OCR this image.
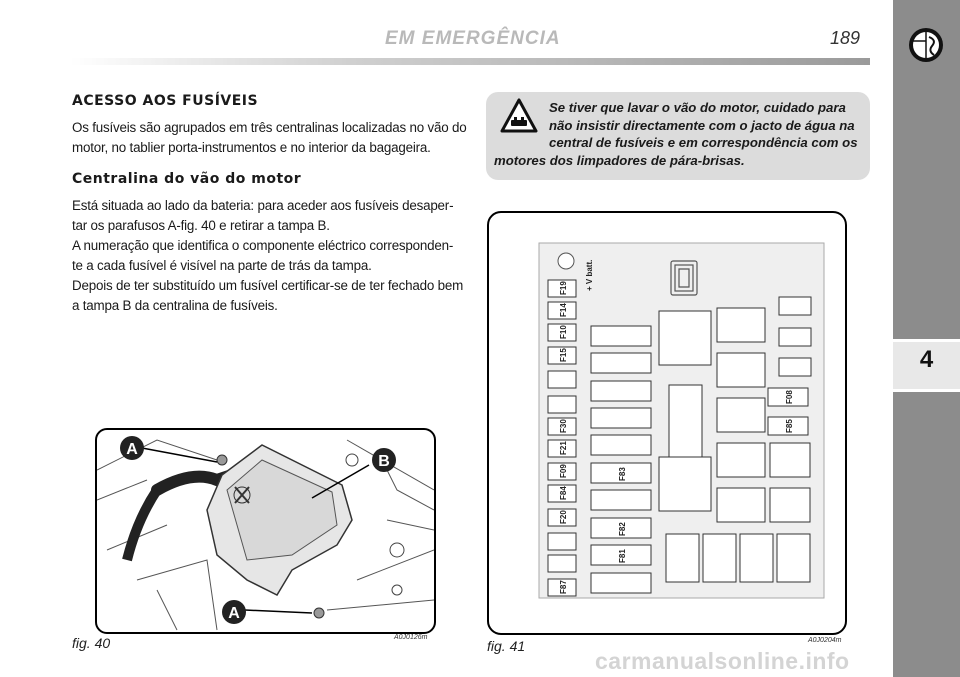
EM EMERGÊNCIA	189
4
ACESSO AOS FUSÍVEIS
Os fusíveis são agrupados em três centralinas localizadas no vão do motor, no tablier porta-instrumentos e no interior da bagageira.
Centralina do vão do motor
Está situada ao lado da bateria: para aceder aos fusíveis desaper-
tar os parafusos A-fig. 40 e retirar a tampa B.
A numeração que identifica o componente eléctrico corresponden-
te a cada fusível é visível na parte de trás da tampa.
Depois de ter substituído um fusível certificar-se de ter fechado bem
a tampa B da centralina de fusíveis.
Se tiver que lavar o vão do motor, cuidado para não insistir directamente com o jacto de água na central de fusíveis e em correspondência com os motores dos limpadores de pára-brisas.
A
B
A
fig. 40	A0J0126m
+ V batt.
F19
F14
F10
F15
F30
F21
F09
F84
F20
F87
F83
F82
F81
F08
F85
fig. 41	A0J0204m
carmanualsonline.info
